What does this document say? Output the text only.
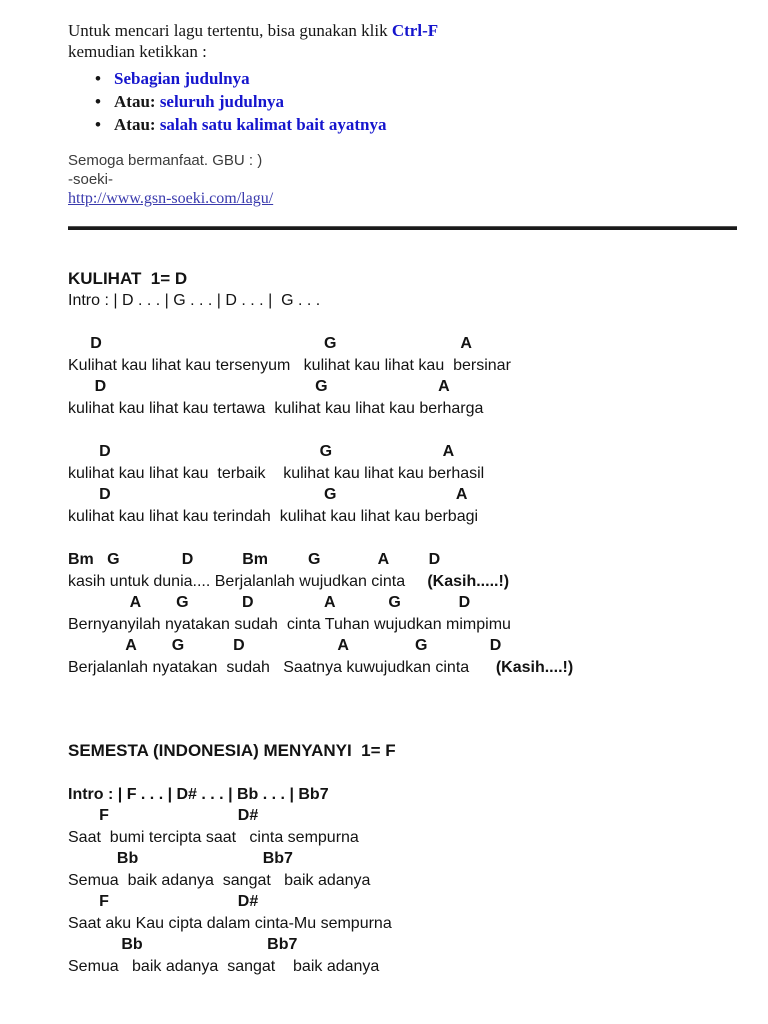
Untuk mencari lagu tertentu, bisa gunakan klik Ctrl-F

kemudian ketikkan :

• Sebagian judulnya
• Atau: seluruh judulnya
• Atau: salah satu kalimat bait ayatnya

Semoga bermanfaat. GBU : )

-soeki-

http://www.gsn-soeki.com/lagu/

KULIHAT  1= D
Intro : | D . . . | G . . . | D . . . |  G . . .
D                                                  G                            A
Kulihat kau lihat kau tersenyum   kulihat kau lihat kau  bersinar
D                                               G                         A
kulihat kau lihat kau tertawa  kulihat kau lihat kau berharga
D                                               G                         A
kulihat kau lihat kau  terbaik    kulihat kau lihat kau berhasil
D                                                G                           A
kulihat kau lihat kau terindah  kulihat kau lihat kau berbagi
Bm   G              D           Bm         G             A         D
kasih untuk dunia.... Berjalanlah wujudkan cinta     (Kasih.....!)
A        G            D                A            G             D
Bernyanyilah nyatakan sudah  cinta Tuhan wujudkan mimpimu
A        G           D                     A               G              D
Berjalanlah nyatakan  sudah   Saatnya kuwujudkan cinta      (Kasih....!)
SEMESTA (INDONESIA) MENYANYI  1= F
Intro : | F . . . | D# . . . | Bb . . . | Bb7
F                             D#
Saat  bumi tercipta saat   cinta sempurna
Bb                            Bb7
Semua  baik adanya  sangat   baik adanya
F                             D#
Saat aku Kau cipta dalam cinta-Mu sempurna
Bb                            Bb7
Semua   baik adanya  sangat    baik adanya
